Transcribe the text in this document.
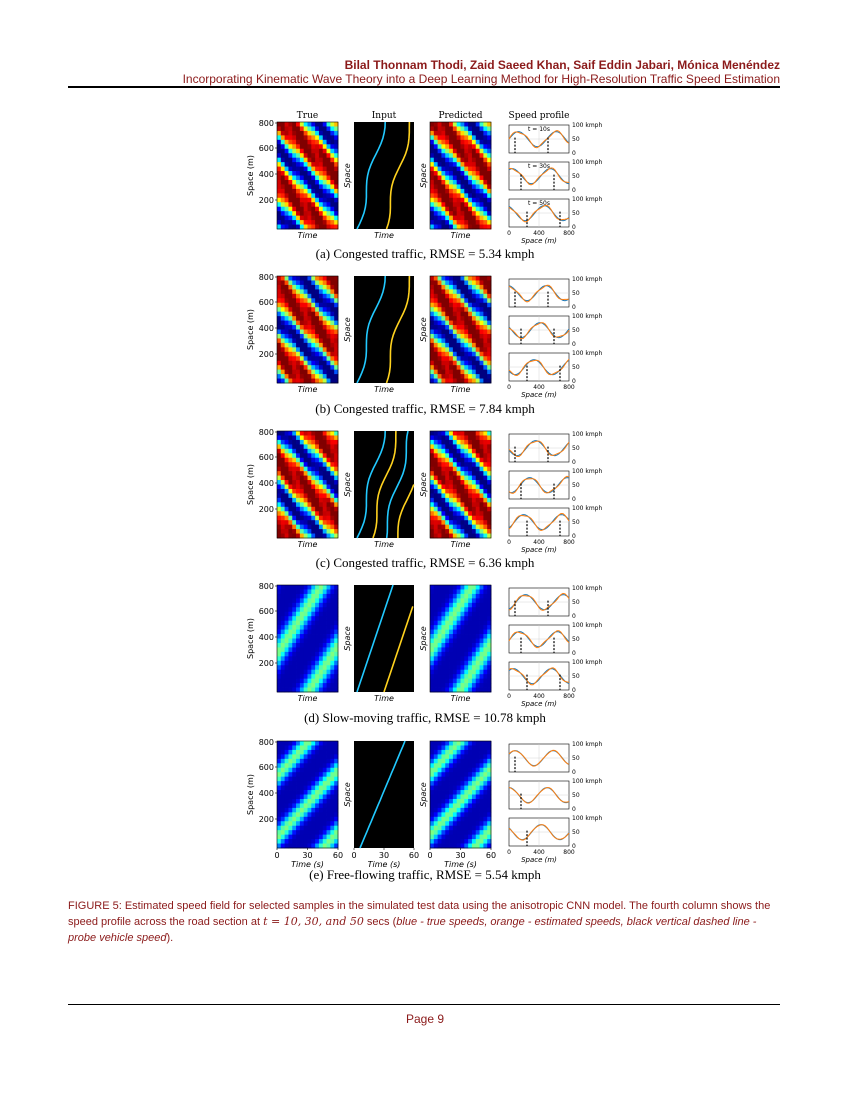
Bilal Thonnam Thodi, Zaid Saeed Khan, Saif Eddin Jabari, Mónica Menéndez
Incorporating Kinematic Wave Theory into a Deep Learning Method for High-Resolution Traffic Speed Estimation
True	Input	Predicted	Speed profile
Space (m)
800
600
400
200
Space	Space
Time	Time	Time
t = 10s
100 kmph
50
0
t = 30s
100 kmph
50
0
t = 50s
100 kmph
50
0
0	400	800
Space (m)
(a) Congested traffic, RMSE = 5.34 kmph
Space (m)
800
600
400
200
Space	Space
Time	Time	Time
100 kmph
50
0
100 kmph
50
0
100 kmph
50
0
0	400	800
Space (m)
(b) Congested traffic, RMSE = 7.84 kmph
Space (m)
800
600
400
200
Space	Space
Time	Time	Time
100 kmph
50
0
100 kmph
50
0
100 kmph
50
0
0	400	800
Space (m)
(c) Congested traffic, RMSE = 6.36 kmph
Space (m)
800
600
400
200
Space	Space
Time	Time	Time
100 kmph
50
0
100 kmph
50
0
100 kmph
50
0
0	400	800
Space (m)
(d) Slow-moving traffic, RMSE = 10.78 kmph
Space (m)
800
600
400
200
Space	Space
0	30	60
Time (s)
0	30 60
Time (s)
0	30	60
Time (s)
100 kmph
50
0
100 kmph
50
0
100 kmph
50
0
0	400	800
Space (m)
(e) Free-flowing traffic, RMSE = 5.54 kmph
FIGURE 5: Estimated speed field for selected samples in the simulated test data using the anisotropic CNN model. The fourth column shows the speed profile across the road section at t = 10, 30, and 50 secs (blue - true speeds, orange - estimated speeds, black vertical dashed line - probe vehicle speed).
Page 9
